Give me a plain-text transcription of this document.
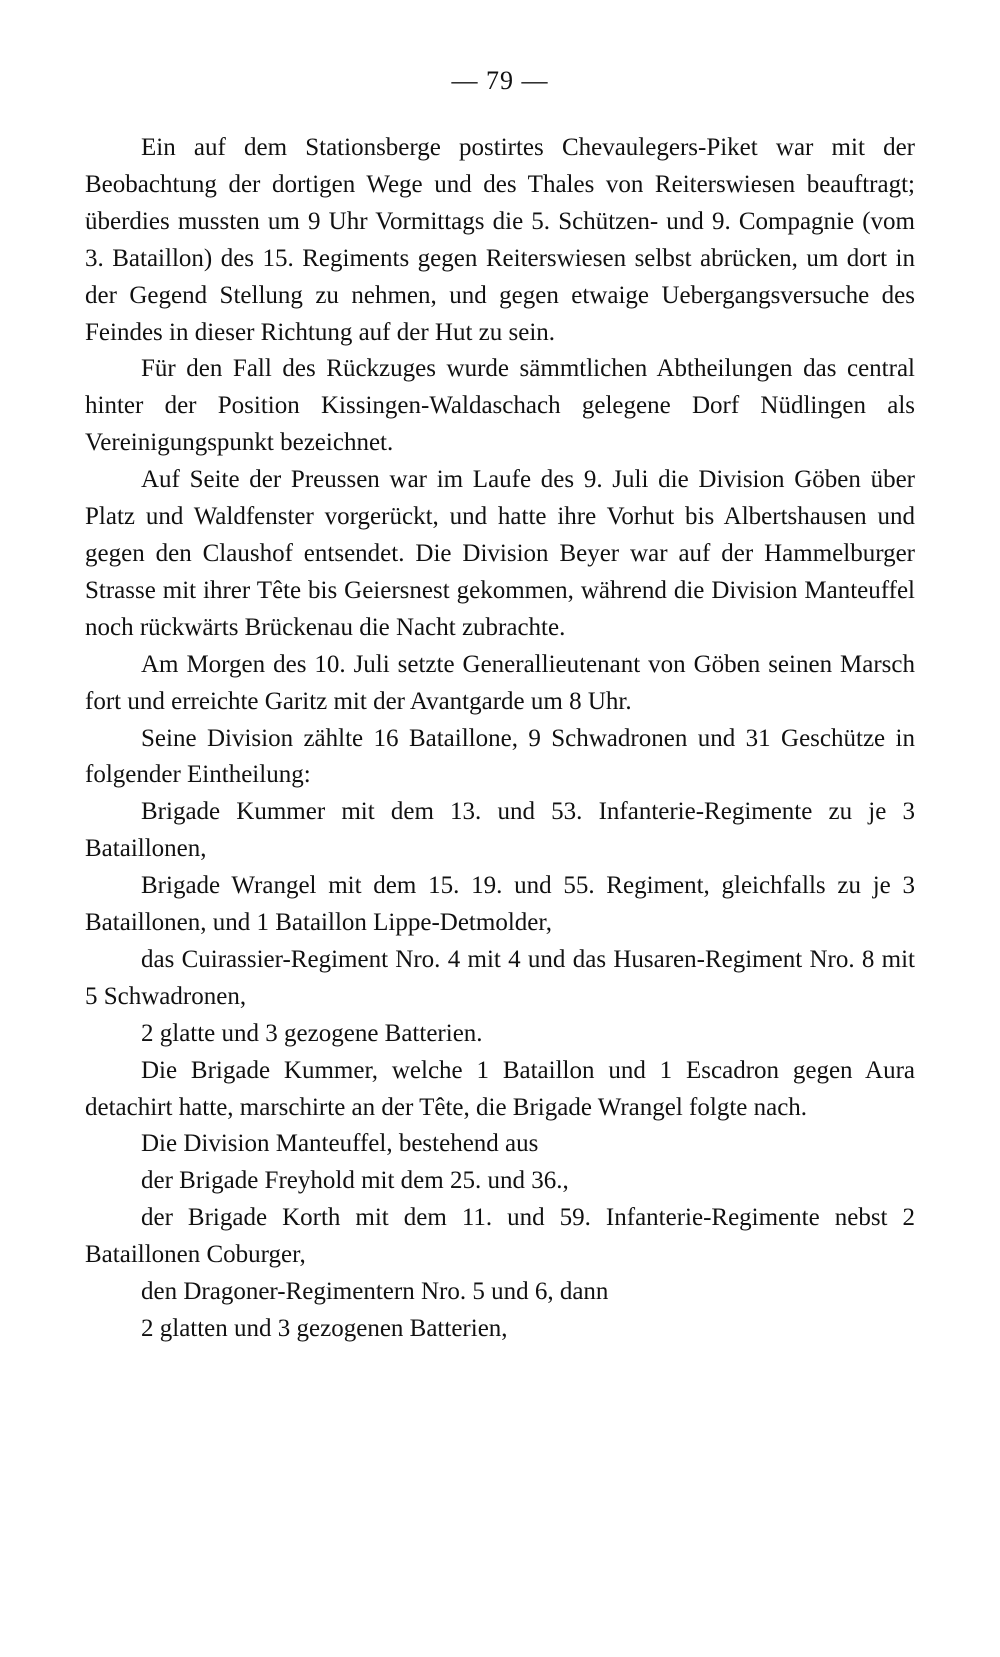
— 79 —

Ein auf dem Stationsberge postirtes Chevaulegers-Piket war mit der Beobachtung der dortigen Wege und des Thales von Reiterswiesen beauftragt; überdies mussten um 9 Uhr Vormittags die 5. Schützen- und 9. Compagnie (vom 3. Bataillon) des 15. Regiments gegen Reiterswiesen selbst abrücken, um dort in der Gegend Stellung zu nehmen, und gegen etwaige Uebergangsversuche des Feindes in dieser Richtung auf der Hut zu sein.

Für den Fall des Rückzuges wurde sämmtlichen Abtheilungen das central hinter der Position Kissingen-Waldaschach gelegene Dorf Nüdlingen als Vereinigungspunkt bezeichnet.

Auf Seite der Preussen war im Laufe des 9. Juli die Division Göben über Platz und Waldfenster vorgerückt, und hatte ihre Vorhut bis Albertshausen und gegen den Claushof entsendet. Die Division Beyer war auf der Hammelburger Strasse mit ihrer Tête bis Geiersnest gekommen, während die Division Manteuffel noch rückwärts Brückenau die Nacht zubrachte.

Am Morgen des 10. Juli setzte Generallieutenant von Göben seinen Marsch fort und erreichte Garitz mit der Avantgarde um 8 Uhr.

Seine Division zählte 16 Bataillone, 9 Schwadronen und 31 Geschütze in folgender Eintheilung:

Brigade Kummer mit dem 13. und 53. Infanterie-Regimente zu je 3 Bataillonen,

Brigade Wrangel mit dem 15. 19. und 55. Regiment, gleichfalls zu je 3 Bataillonen, und 1 Bataillon Lippe-Detmolder,

das Cuirassier-Regiment Nro. 4 mit 4 und das Husaren-Regiment Nro. 8 mit 5 Schwadronen,

2 glatte und 3 gezogene Batterien.

Die Brigade Kummer, welche 1 Bataillon und 1 Escadron gegen Aura detachirt hatte, marschirte an der Tête, die Brigade Wrangel folgte nach.

Die Division Manteuffel, bestehend aus

der Brigade Freyhold mit dem 25. und 36.,

der Brigade Korth mit dem 11. und 59. Infanterie-Regimente nebst 2 Bataillonen Coburger,

den Dragoner-Regimentern Nro. 5 und 6, dann

2 glatten und 3 gezogenen Batterien,
